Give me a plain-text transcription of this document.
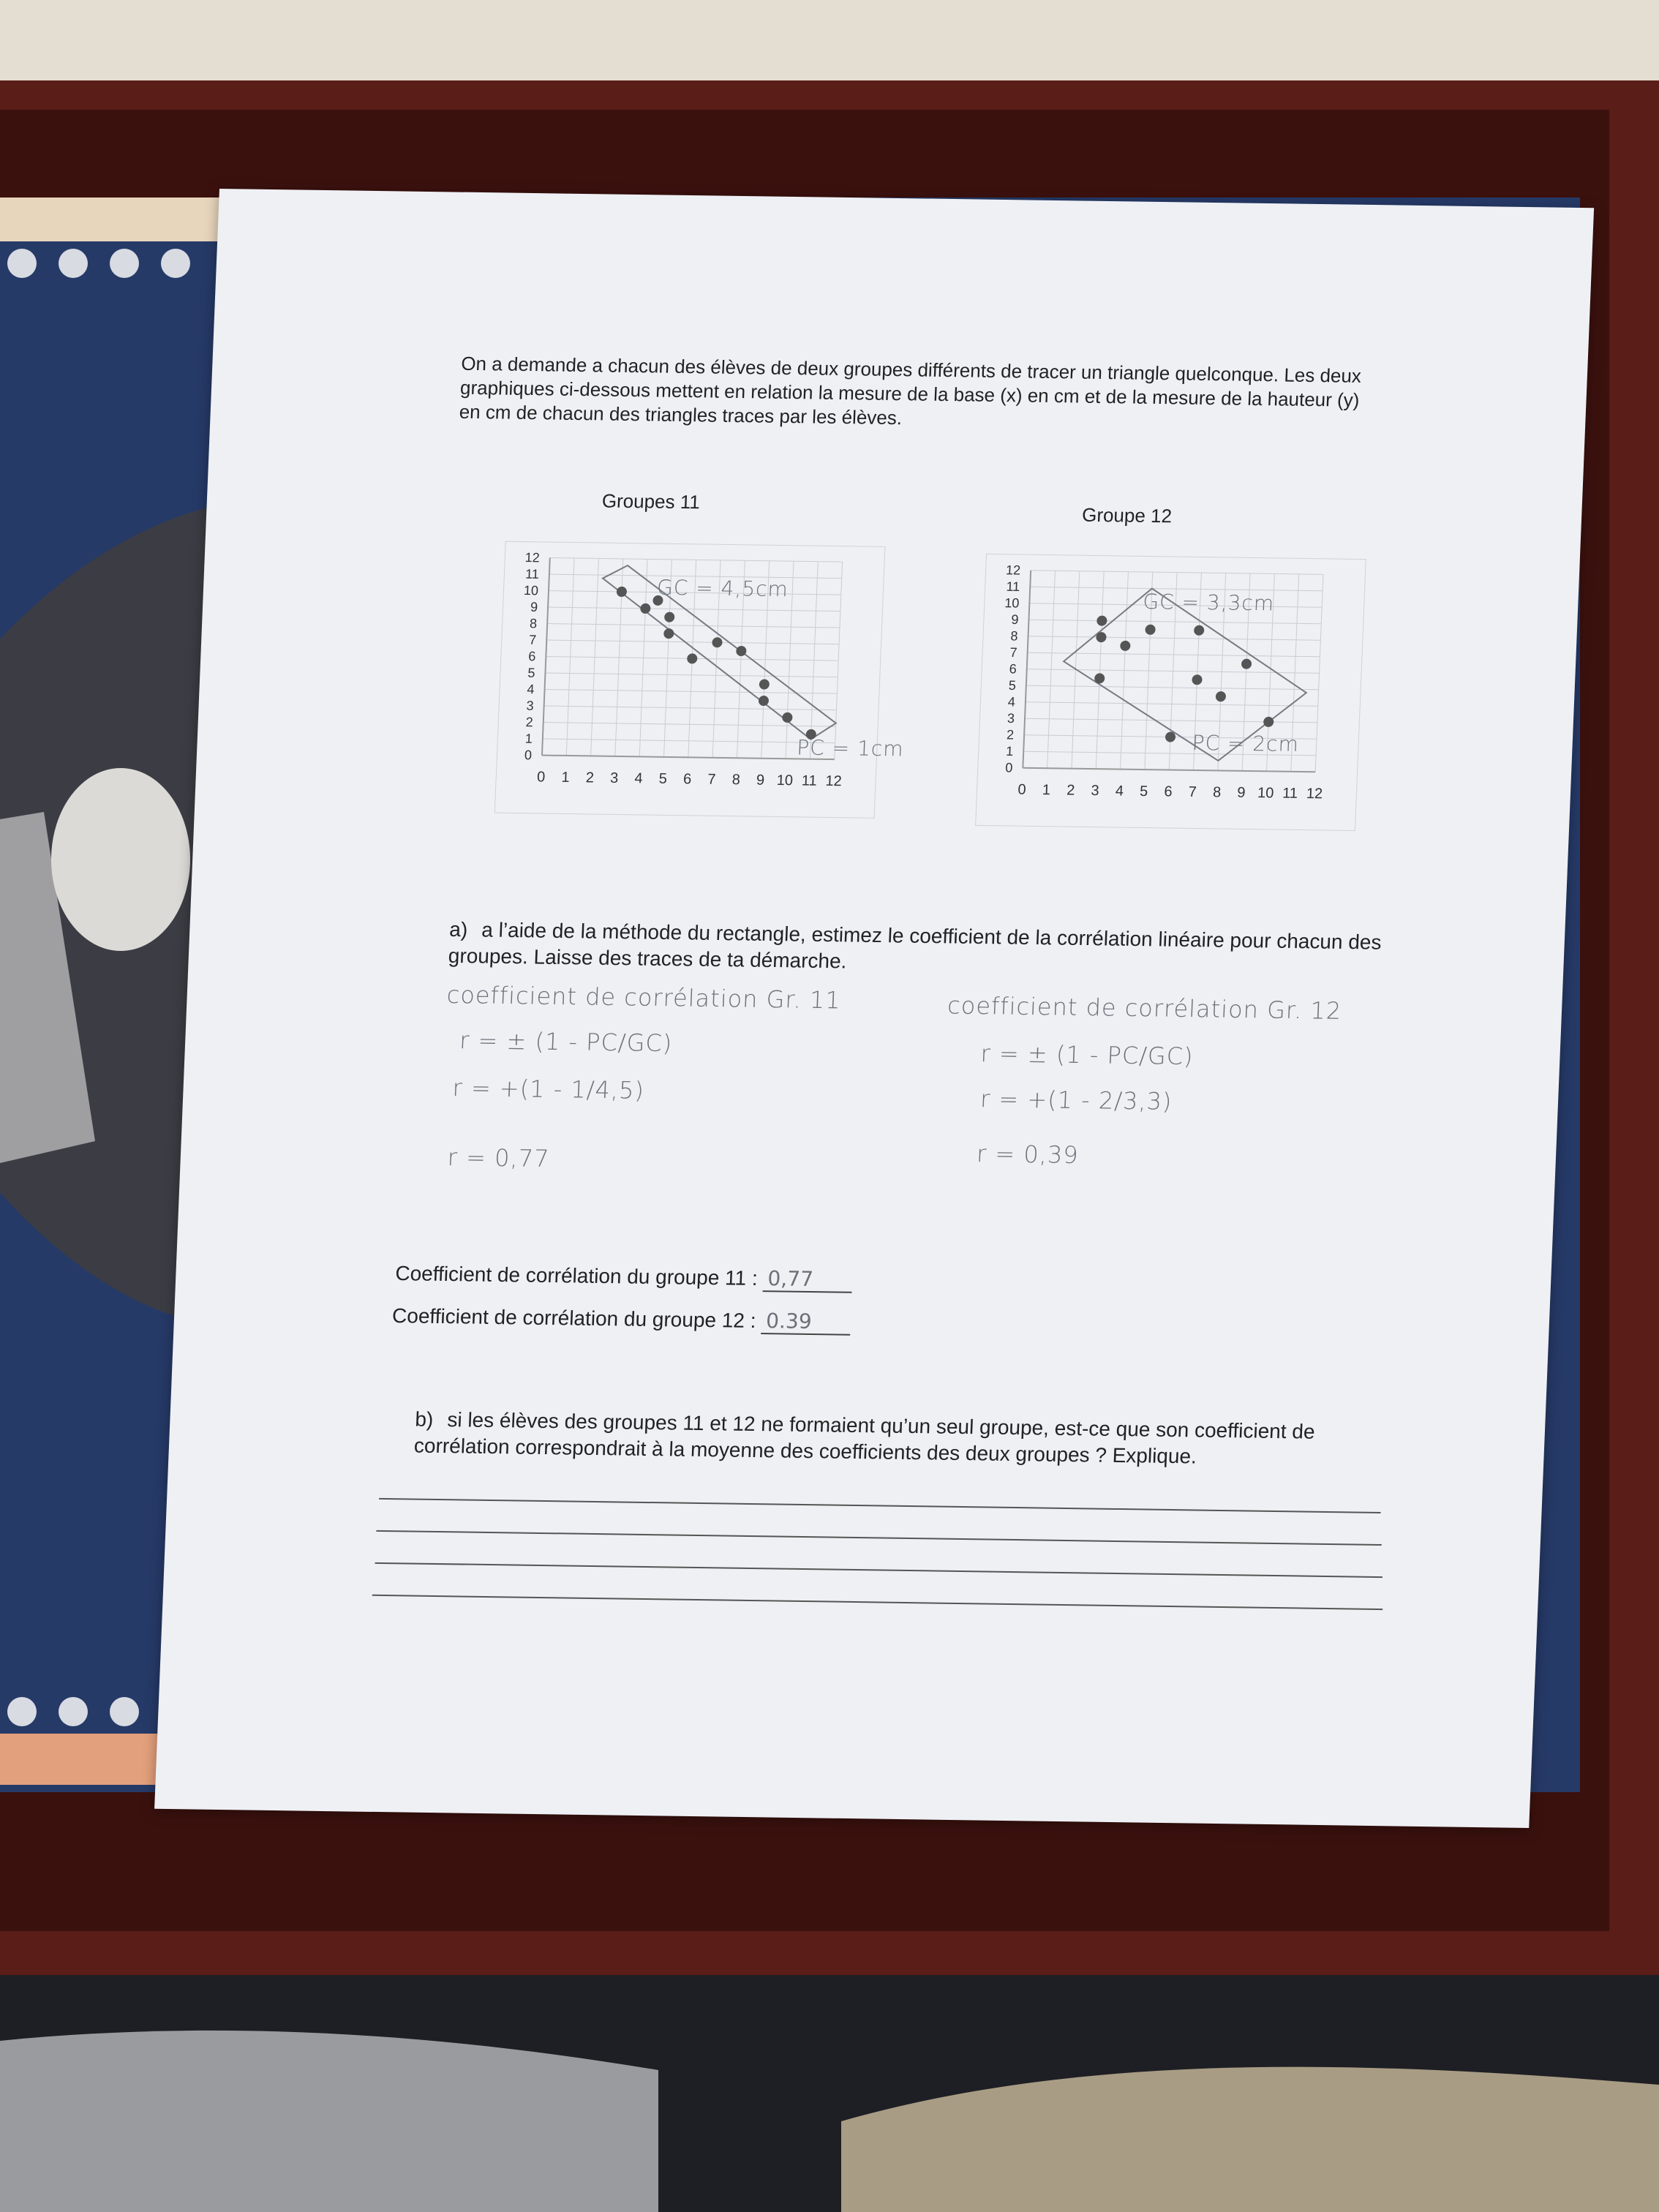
On a demande a chacun des élèves de deux groupes différents de tracer un triangle quelconque. Les deux graphiques ci-dessous mettent en relation la mesure de la base (x) en cm et de la mesure de la hauteur (y) en cm de chacun des triangles traces par les élèves.
Groupes 11
Groupe 12
0 1 2 3 4 5 6 7 8 9 10 11 12
12
11
10
9
8
7
6
5
4
3
2
1
0
0 1 2 3 4 5 6 7 8 9 10 11 12
12
11
10
9
8
7
6
5
4
3
2
1
0
GC = 4,5cm
PC = 1cm
GC = 3,3cm
PC = 2cm
a) a l’aide de la méthode du rectangle, estimez le coefficient de la corrélation linéaire pour chacun des groupes. Laisse des traces de ta démarche.
coefficient de corrélation Gr. 11
r = ± (1 - PC/GC)
r = +(1 - 1/4,5)
r = 0,77
coefficient de corrélation Gr. 12
r = ± (1 - PC/GC)
r = +(1 - 2/3,3)
r = 0,39
Coefficient de corrélation du groupe 11 : 0,77
Coefficient de corrélation du groupe 12 : 0.39
b) si les élèves des groupes 11 et 12 ne formaient qu’un seul groupe, est-ce que son coefficient de corrélation correspondrait à la moyenne des coefficients des deux groupes ? Explique.
